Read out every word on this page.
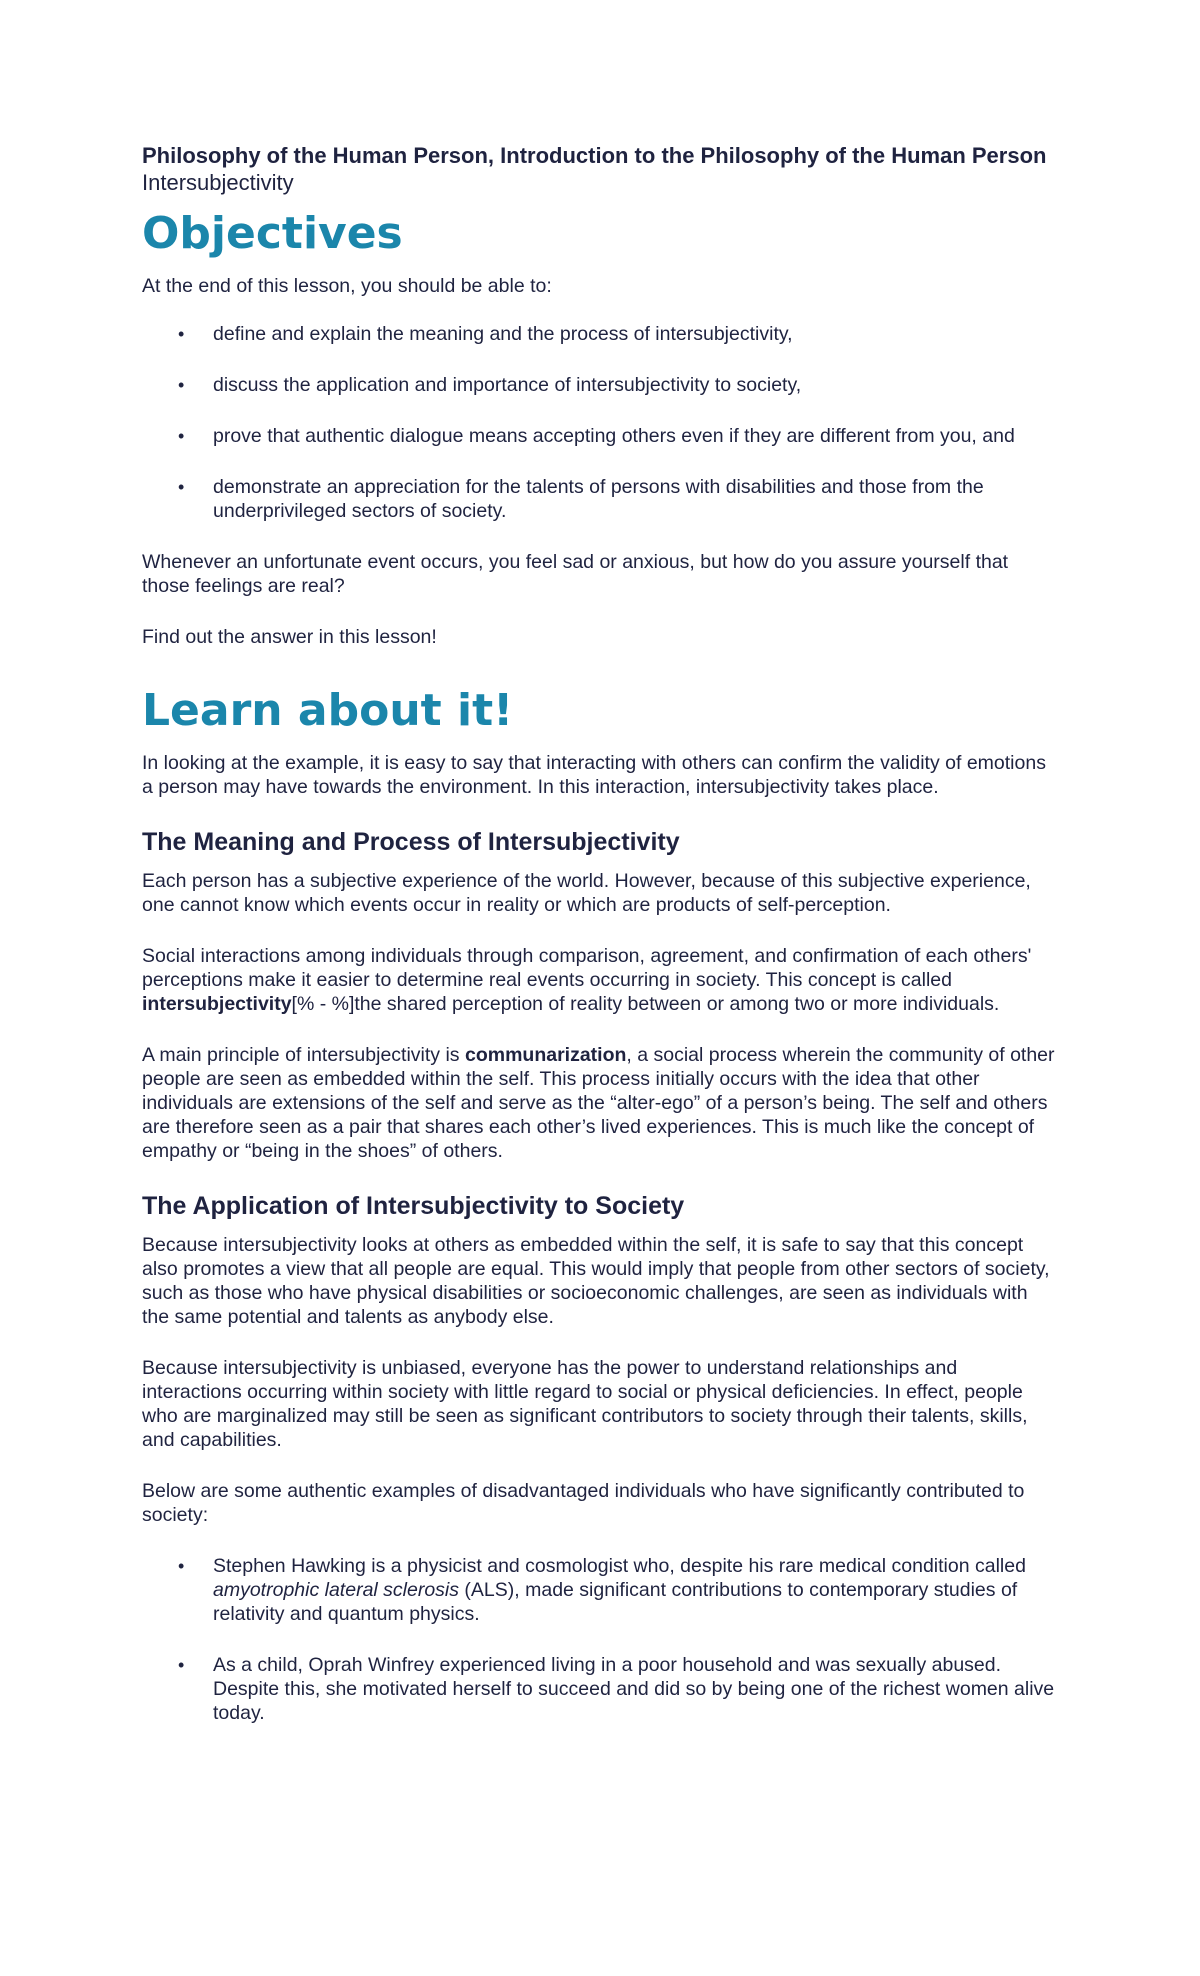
Philosophy of the Human Person, Introduction to the Philosophy of the Human Person

Intersubjectivity

Objectives

At the end of this lesson, you should be able to:

• define and explain the meaning and the process of intersubjectivity,
• discuss the application and importance of intersubjectivity to society,
• prove that authentic dialogue means accepting others even if they are different from you, and
• demonstrate an appreciation for the talents of persons with disabilities and those from the underprivileged sectors of society.

Whenever an unfortunate event occurs, you feel sad or anxious, but how do you assure yourself that those feelings are real?

Find out the answer in this lesson!

Learn about it!

In looking at the example, it is easy to say that interacting with others can confirm the validity of emotions a person may have towards the environment. In this interaction, intersubjectivity takes place.

The Meaning and Process of Intersubjectivity

Each person has a subjective experience of the world. However, because of this subjective experience, one cannot know which events occur in reality or which are products of self-perception.

Social interactions among individuals through comparison, agreement, and confirmation of each others' perceptions make it easier to determine real events occurring in society. This concept is called intersubjectivity[% - %]the shared perception of reality between or among two or more individuals.

A main principle of intersubjectivity is communarization, a social process wherein the community of other people are seen as embedded within the self. This process initially occurs with the idea that other individuals are extensions of the self and serve as the “alter-ego” of a person’s being. The self and others are therefore seen as a pair that shares each other’s lived experiences. This is much like the concept of empathy or “being in the shoes” of others.

The Application of Intersubjectivity to Society

Because intersubjectivity looks at others as embedded within the self, it is safe to say that this concept also promotes a view that all people are equal. This would imply that people from other sectors of society, such as those who have physical disabilities or socioeconomic challenges, are seen as individuals with the same potential and talents as anybody else.

Because intersubjectivity is unbiased, everyone has the power to understand relationships and interactions occurring within society with little regard to social or physical deficiencies. In effect, people who are marginalized may still be seen as significant contributors to society through their talents, skills, and capabilities.

Below are some authentic examples of disadvantaged individuals who have significantly contributed to society:

• Stephen Hawking is a physicist and cosmologist who, despite his rare medical condition called amyotrophic lateral sclerosis (ALS), made significant contributions to contemporary studies of relativity and quantum physics.
• As a child, Oprah Winfrey experienced living in a poor household and was sexually abused. Despite this, she motivated herself to succeed and did so by being one of the richest women alive today.
